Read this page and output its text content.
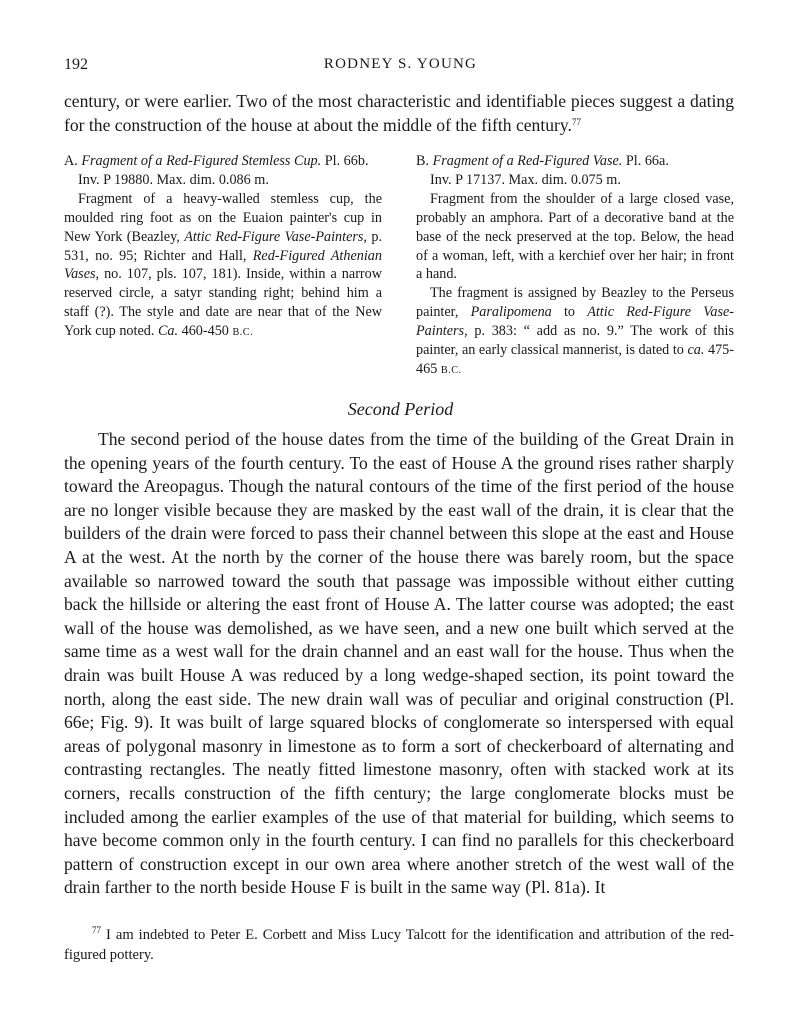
192	RODNEY S. YOUNG

century, or were earlier. Two of the most characteristic and identifiable pieces suggest a dating for the construction of the house at about the middle of the fifth century.$^{77}$

A. Fragment of a Red-Figured Stemless Cup. Pl. 66b.

Inv. P 19880. Max. dim. 0.086 m.

Fragment of a heavy-walled stemless cup, the moulded ring foot as on the Euaion painter's cup in New York (Beazley, Attic Red-Figure Vase-Painters, p. 531, no. 95; Richter and Hall, Red-Figured Athenian Vases, no. 107, pls. 107, 181). Inside, within a narrow reserved circle, a satyr standing right; behind him a staff (?). The style and date are near that of the New York cup noted. Ca. 460-450 B.C.

B. Fragment of a Red-Figured Vase. Pl. 66a.

Inv. P 17137. Max. dim. 0.075 m.

Fragment from the shoulder of a large closed vase, probably an amphora. Part of a decorative band at the base of the neck preserved at the top. Below, the head of a woman, left, with a kerchief over her hair; in front a hand.

The fragment is assigned by Beazley to the Perseus painter, Paralipomena to Attic Red-Figure Vase-Painters, p. 383: “ add as no. 9.” The work of this painter, an early classical mannerist, is dated to ca. 475-465 B.C.

Second Period

The second period of the house dates from the time of the building of the Great Drain in the opening years of the fourth century. To the east of House A the ground rises rather sharply toward the Areopagus. Though the natural contours of the time of the first period of the house are no longer visible because they are masked by the east wall of the drain, it is clear that the builders of the drain were forced to pass their channel between this slope at the east and House A at the west. At the north by the corner of the house there was barely room, but the space available so narrowed toward the south that passage was impossible without either cutting back the hillside or altering the east front of House A. The latter course was adopted; the east wall of the house was demolished, as we have seen, and a new one built which served at the same time as a west wall for the drain channel and an east wall for the house. Thus when the drain was built House A was reduced by a long wedge-shaped section, its point toward the north, along the east side. The new drain wall was of peculiar and original construction (Pl. 66e; Fig. 9). It was built of large squared blocks of conglomerate so interspersed with equal areas of polygonal masonry in limestone as to form a sort of checkerboard of alternating and contrasting rectangles. The neatly fitted limestone masonry, often with stacked work at its corners, recalls construction of the fifth century; the large conglomerate blocks must be included among the earlier examples of the use of that material for building, which seems to have become common only in the fourth century. I can find no parallels for this checkerboard pattern of construction except in our own area where another stretch of the west wall of the drain farther to the north beside House F is built in the same way (Pl. 81a). It

$^{77}$ I am indebted to Peter E. Corbett and Miss Lucy Talcott for the identification and attribution of the red-figured pottery.
